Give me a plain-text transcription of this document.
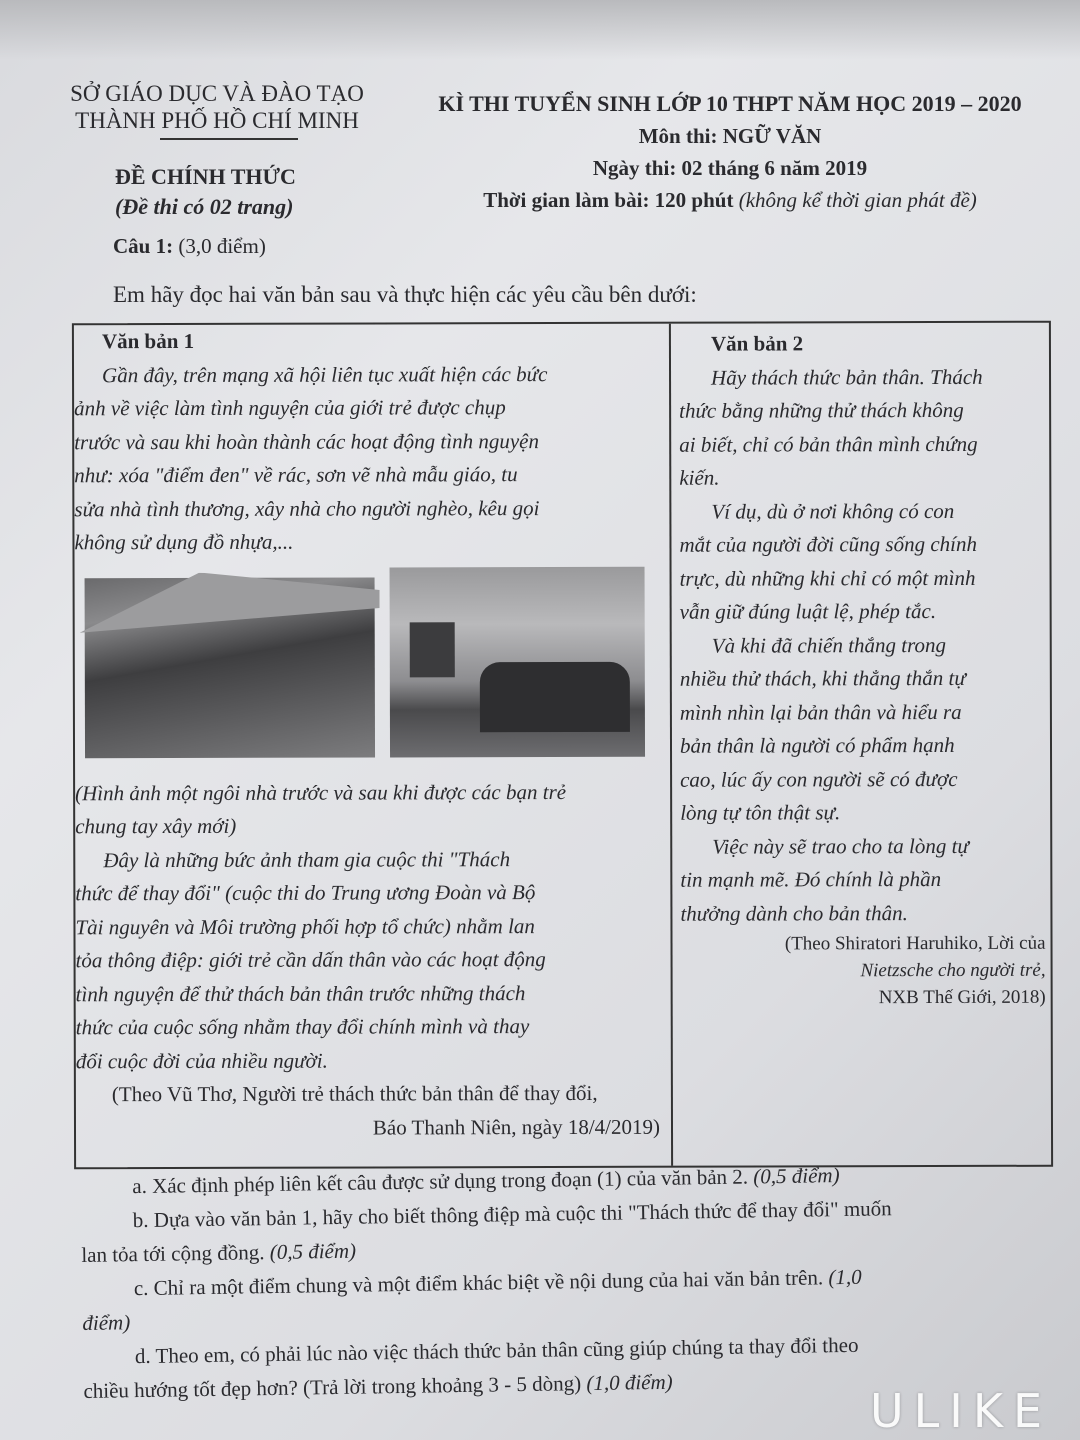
SỞ GIÁO DỤC VÀ ĐÀO TẠO
THÀNH PHỐ HỒ CHÍ MINH
KÌ THI TUYỂN SINH LỚP 10 THPT NĂM HỌC 2019 – 2020
Môn thi: NGỮ VĂN
Ngày thi: 02 tháng 6 năm 2019
Thời gian làm bài: 120 phút (không kể thời gian phát đề)
ĐỀ CHÍNH THỨC
(Đề thi có 02 trang)
Câu 1: (3,0 điểm)
Em hãy đọc hai văn bản sau và thực hiện các yêu cầu bên dưới:
Văn bản 1
Gần đây, trên mạng xã hội liên tục xuất hiện các bức
ảnh về việc làm tình nguyện của giới trẻ được chụp
trước và sau khi hoàn thành các hoạt động tình nguyện
như: xóa "điểm đen" về rác, sơn vẽ nhà mẫu giáo, tu
sửa nhà tình thương, xây nhà cho người nghèo, kêu gọi
không sử dụng đồ nhựa,...
(Hình ảnh một ngôi nhà trước và sau khi được các bạn trẻ
chung tay xây mới)
Đây là những bức ảnh tham gia cuộc thi "Thách
thức để thay đổi" (cuộc thi do Trung ương Đoàn và Bộ
Tài nguyên và Môi trường phối hợp tổ chức) nhằm lan
tỏa thông điệp: giới trẻ cần dấn thân vào các hoạt động
tình nguyện để thử thách bản thân trước những thách
thức của cuộc sống nhằm thay đổi chính mình và thay
đổi cuộc đời của nhiều người.
(Theo Vũ Thơ, Người trẻ thách thức bản thân để thay đổi,
Báo Thanh Niên, ngày 18/4/2019)
Văn bản 2
Hãy thách thức bản thân. Thách
thức bằng những thử thách không
ai biết, chỉ có bản thân mình chứng
kiến.
Ví dụ, dù ở nơi không có con
mắt của người đời cũng sống chính
trực, dù những khi chỉ có một mình
vẫn giữ đúng luật lệ, phép tắc.
Và khi đã chiến thắng trong
nhiều thử thách, khi thẳng thắn tự
mình nhìn lại bản thân và hiểu ra
bản thân là người có phẩm hạnh
cao, lúc ấy con người sẽ có được
lòng tự tôn thật sự.
Việc này sẽ trao cho ta lòng tự
tin mạnh mẽ. Đó chính là phần
thưởng dành cho bản thân.
(Theo Shiratori Haruhiko, Lời của
Nietzsche cho người trẻ,
NXB Thế Giới, 2018)
a. Xác định phép liên kết câu được sử dụng trong đoạn (1) của văn bản 2. (0,5 điểm)
b. Dựa vào văn bản 1, hãy cho biết thông điệp mà cuộc thi "Thách thức để thay đổi" muốn
lan tỏa tới cộng đồng. (0,5 điểm)
c. Chỉ ra một điểm chung và một điểm khác biệt về nội dung của hai văn bản trên. (1,0
điểm)
d. Theo em, có phải lúc nào việc thách thức bản thân cũng giúp chúng ta thay đổi theo
chiều hướng tốt đẹp hơn? (Trả lời trong khoảng 3 - 5 dòng) (1,0 điểm)
ULIKE
